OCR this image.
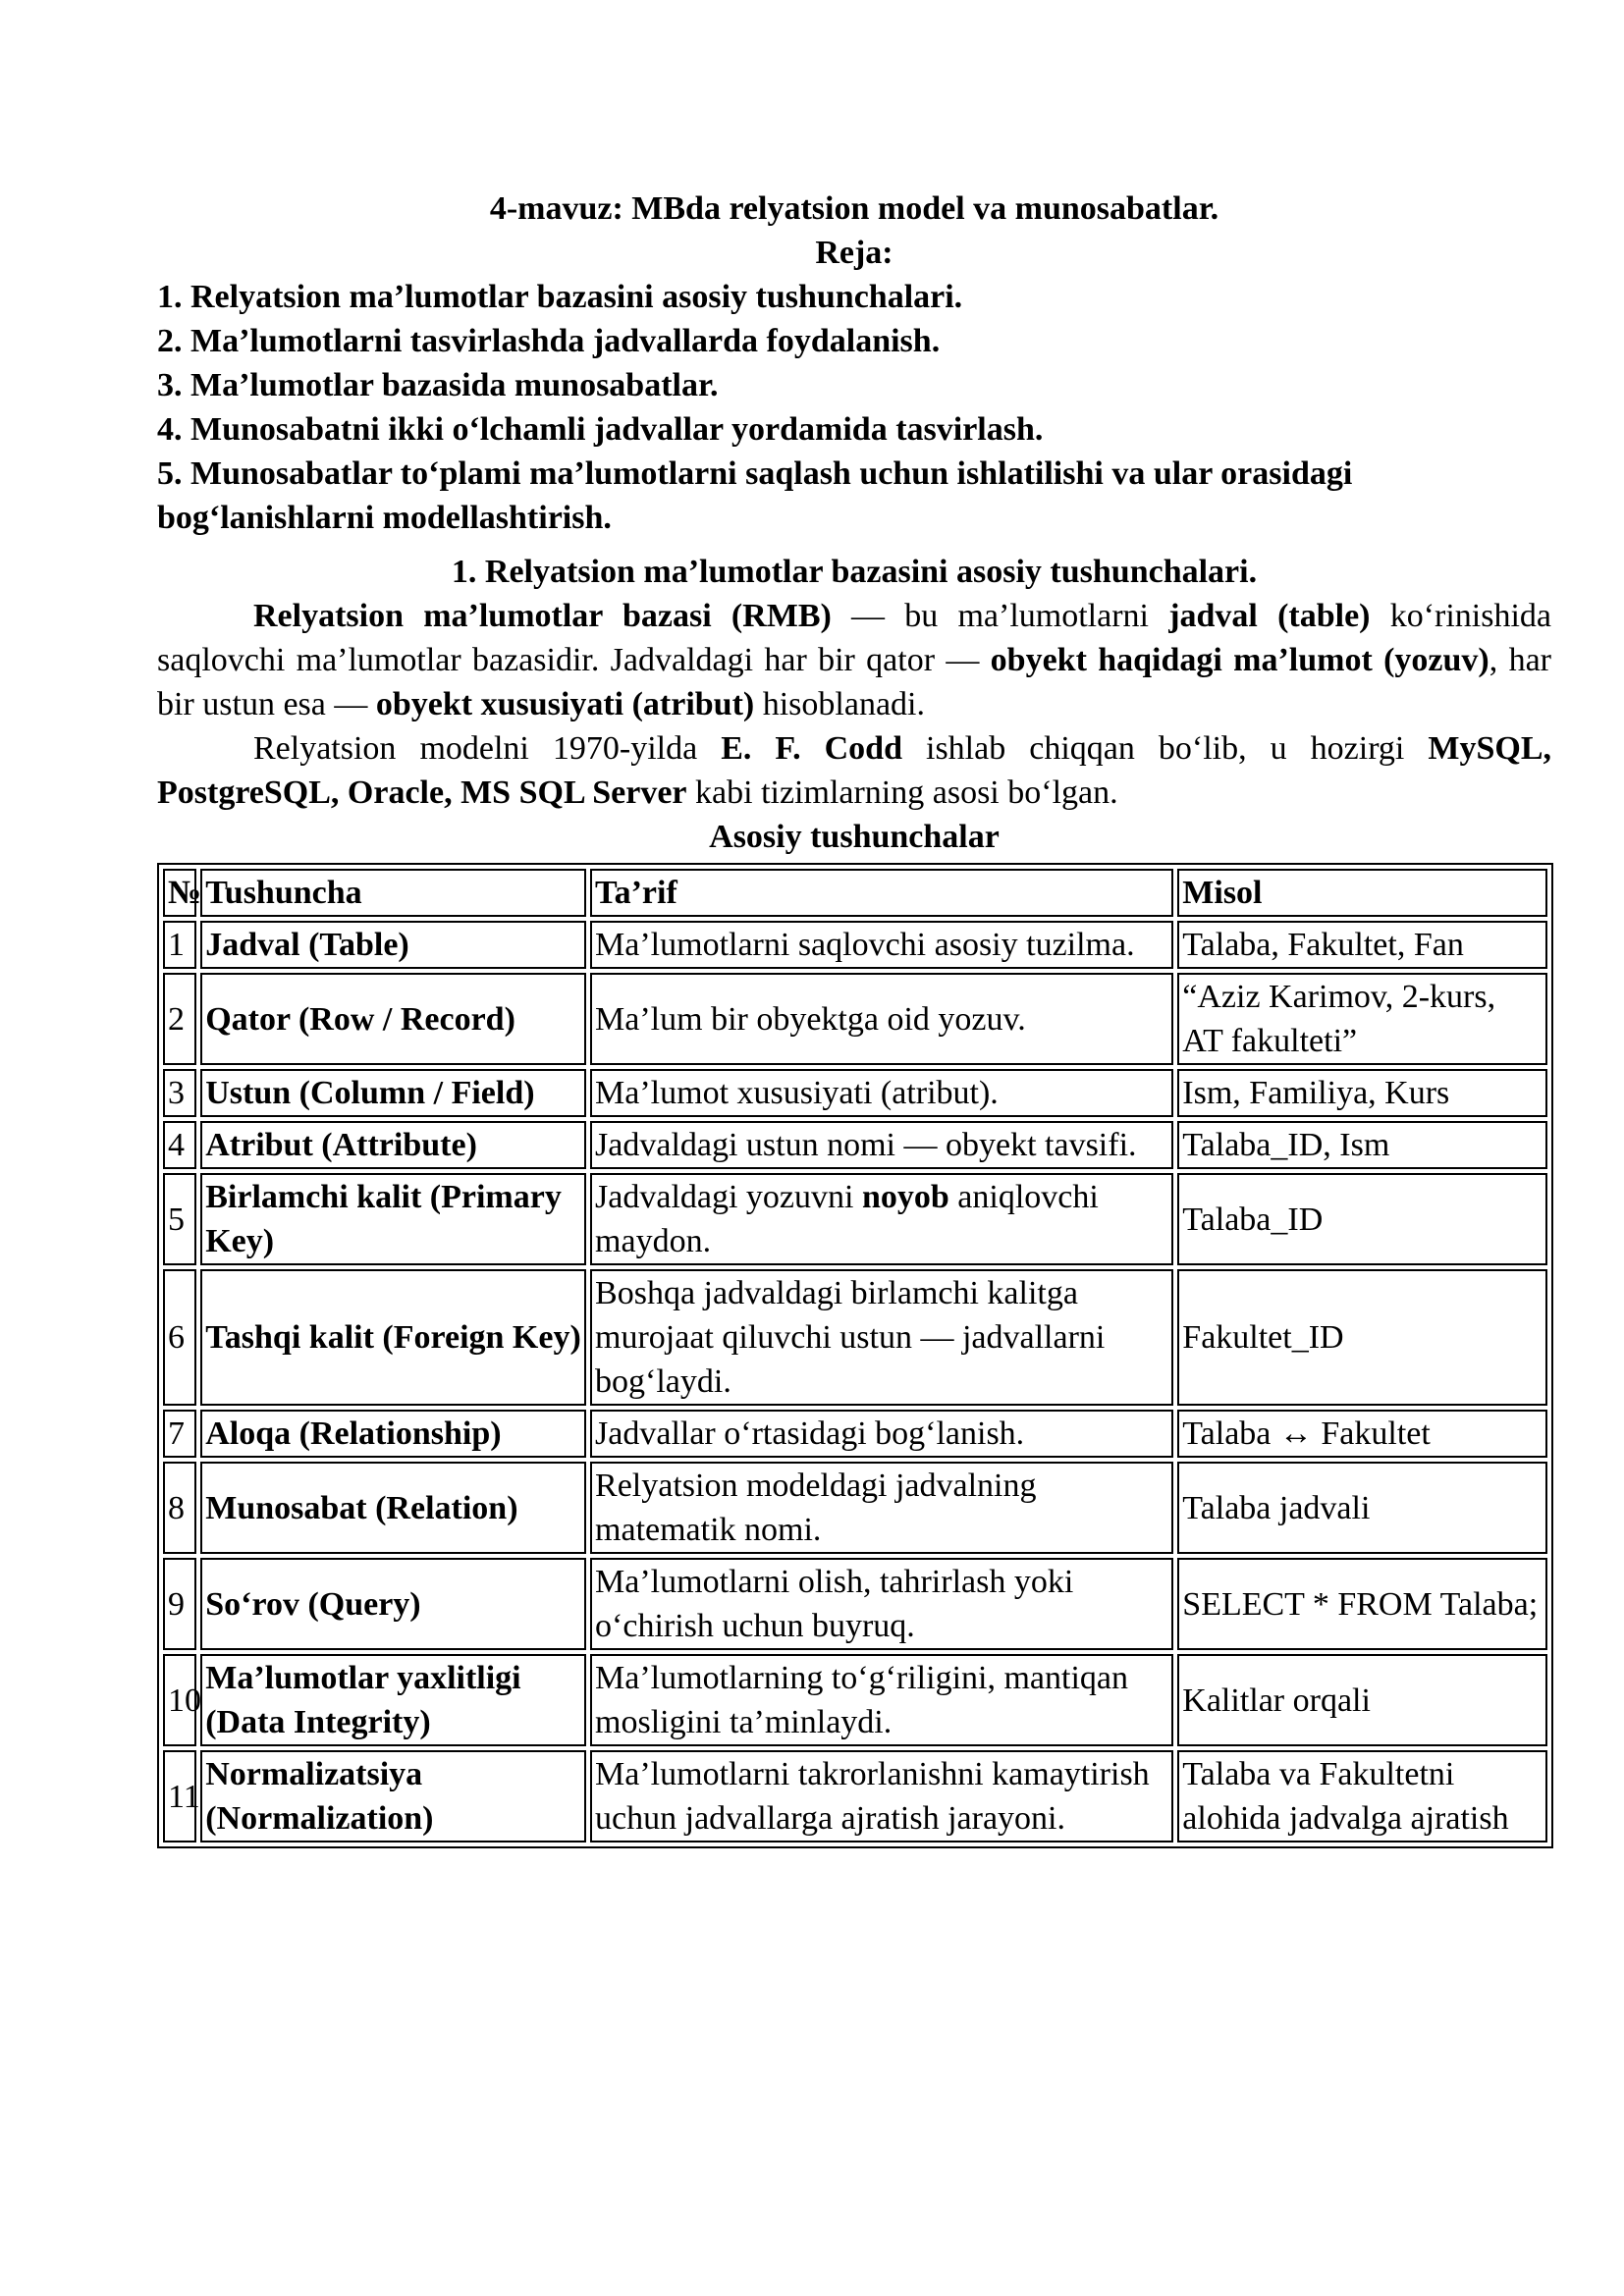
4-mavuz: MBda relyatsion model va munosabatlar.
Reja:
1. Relyatsion ma’lumotlar bazasini asosiy tushunchalari.
2. Ma’lumotlarni tasvirlashda jadvallarda foydalanish.
3. Ma’lumotlar bazasida munosabatlar.
4. Munosabatni ikki o‘lchamli jadvallar yordamida tasvirlash.
5. Munosabatlar to‘plami ma’lumotlarni saqlash uchun ishlatilishi va ular orasidagi bog‘lanishlarni modellashtirish.
1. Relyatsion ma’lumotlar bazasini asosiy tushunchalari.

Relyatsion ma’lumotlar bazasi (RMB) — bu ma’lumotlarni jadval (table) ko‘rinishida saqlovchi ma’lumotlar bazasidir. Jadvaldagi har bir qator — obyekt haqidagi ma’lumot (yozuv), har bir ustun esa — obyekt xususiyati (atribut) hisoblanadi.

Relyatsion modelni 1970-yilda E. F. Codd ishlab chiqqan bo‘lib, u hozirgi MySQL, PostgreSQL, Oracle, MS SQL Server kabi tizimlarning asosi bo‘lgan.

Asosiy tushunchalar
№	Tushuncha	Ta’rif	Misol
1	Jadval (Table)	Ma’lumotlarni saqlovchi asosiy tuzilma.	Talaba, Fakultet, Fan
2	Qator (Row / Record)	Ma’lum bir obyektga oid yozuv.	“Aziz Karimov, 2-kurs, AT fakulteti”
3	Ustun (Column / Field)	Ma’lumot xususiyati (atribut).	Ism, Familiya, Kurs
4	Atribut (Attribute)	Jadvaldagi ustun nomi — obyekt tavsifi.	Talaba_ID, Ism
5	Birlamchi kalit (Primary Key)	Jadvaldagi yozuvni noyob aniqlovchi maydon.	Talaba_ID
6	Tashqi kalit (Foreign Key)	Boshqa jadvaldagi birlamchi kalitga murojaat qiluvchi ustun — jadvallarni bog‘laydi.	Fakultet_ID
7	Aloqa (Relationship)	Jadvallar o‘rtasidagi bog‘lanish.	Talaba ↔ Fakultet
8	Munosabat (Relation)	Relyatsion modeldagi jadvalning matematik nomi.	Talaba jadvali
9	So‘rov (Query)	Ma’lumotlarni olish, tahrirlash yoki o‘chirish uchun buyruq.	SELECT * FROM Talaba;
10	Ma’lumotlar yaxlitligi (Data Integrity)	Ma’lumotlarning to‘g‘riligini, mantiqan mosligini ta’minlaydi.	Kalitlar orqali
11	Normalizatsiya (Normalization)	Ma’lumotlarni takrorlanishni kamaytirish uchun jadvallarga ajratish jarayoni.	Talaba va Fakultetni alohida jadvalga ajratish
